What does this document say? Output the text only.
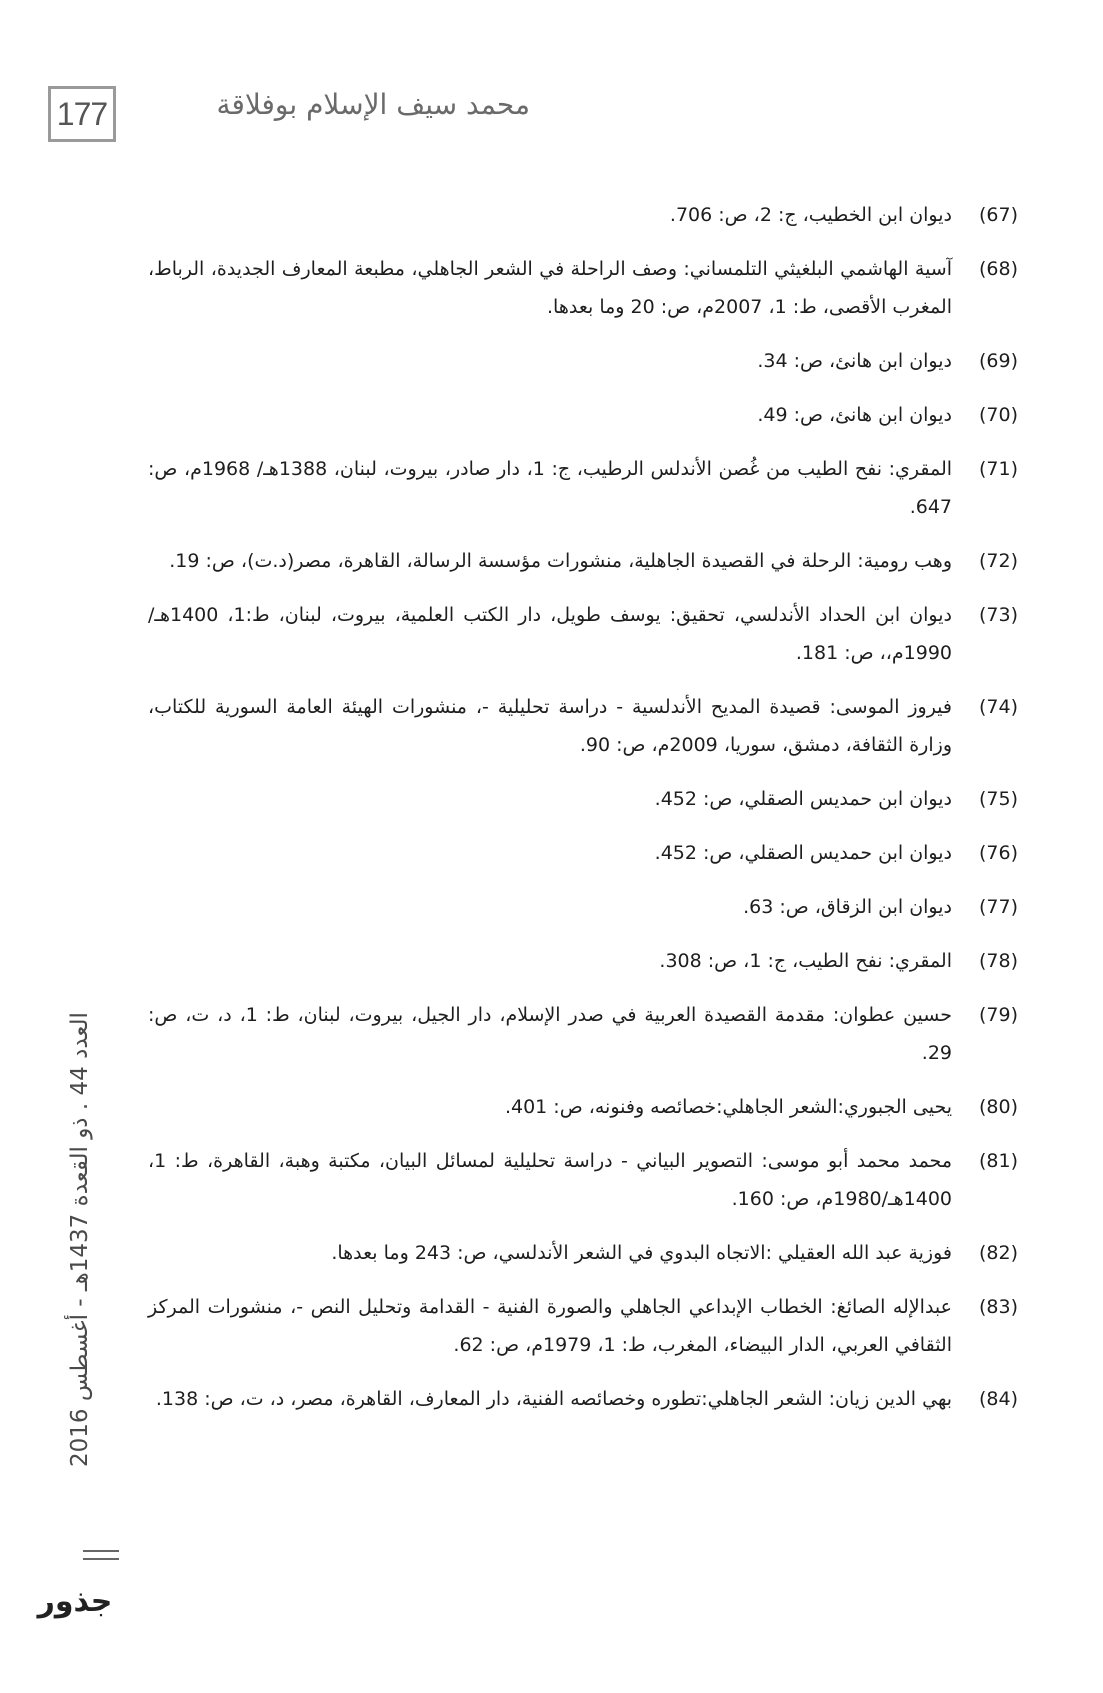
177	محمد سيف الإسلام بوفلاقة
(67)
ديوان ابن الخطيب، ج: 2، ص: 706.
(68)
آسية الهاشمي البلغيثي التلمساني: وصف الراحلة في الشعر الجاهلي، مطبعة المعارف الجديدة، الرباط، المغرب الأقصى، ط: 1، 2007م، ص: 20 وما بعدها.
(69)
ديوان ابن هانئ، ص: 34.
(70)
ديوان ابن هانئ، ص: 49.
(71)
المقري: نفح الطيب من غُصن الأندلس الرطيب، ج: 1، دار صادر، بيروت، لبنان، 1388هـ/ 1968م، ص: 647.
(72)
وهب رومية: الرحلة في القصيدة الجاهلية، منشورات مؤسسة الرسالة، القاهرة، مصر(د.ت)، ص: 19.
(73)
ديوان ابن الحداد الأندلسي، تحقيق: يوسف طويل، دار الكتب العلمية، بيروت، لبنان، ط:1، 1400هـ/ 1990م،، ص: 181.
(74)
فيروز الموسى: قصيدة المديح الأندلسية - دراسة تحليلية -، منشورات الهيئة العامة السورية للكتاب، وزارة الثقافة، دمشق، سوريا، 2009م، ص: 90.
(75)
ديوان ابن حمديس الصقلي، ص: 452.
(76)
ديوان ابن حمديس الصقلي، ص: 452.
(77)
ديوان ابن الزقاق، ص: 63.
(78)
المقري: نفح الطيب، ج: 1، ص: 308.
(79)
حسين عطوان: مقدمة القصيدة العربية في صدر الإسلام، دار الجيل، بيروت، لبنان، ط: 1، د، ت، ص: 29.
(80)
يحيى الجبوري:الشعر الجاهلي:خصائصه وفنونه، ص: 401.
(81)
محمد محمد أبو موسى: التصوير البياني - دراسة تحليلية لمسائل البيان، مكتبة وهبة، القاهرة، ط: 1، 1400هـ/1980م، ص: 160.
(82)
فوزية عبد الله العقيلي :الاتجاه البدوي في الشعر الأندلسي، ص: 243 وما بعدها.
(83)
عبدالإله الصائغ: الخطاب الإبداعي الجاهلي والصورة الفنية - القدامة وتحليل النص -، منشورات المركز الثقافي العربي، الدار البيضاء، المغرب، ط: 1، 1979م، ص: 62.
(84)
بهي الدين زيان: الشعر الجاهلي:تطوره وخصائصه الفنية، دار المعارف، القاهرة، مصر، د، ت، ص: 138.
العدد 44 . ذو القعدة 1437هـ - أغسطس 2016
جذور
